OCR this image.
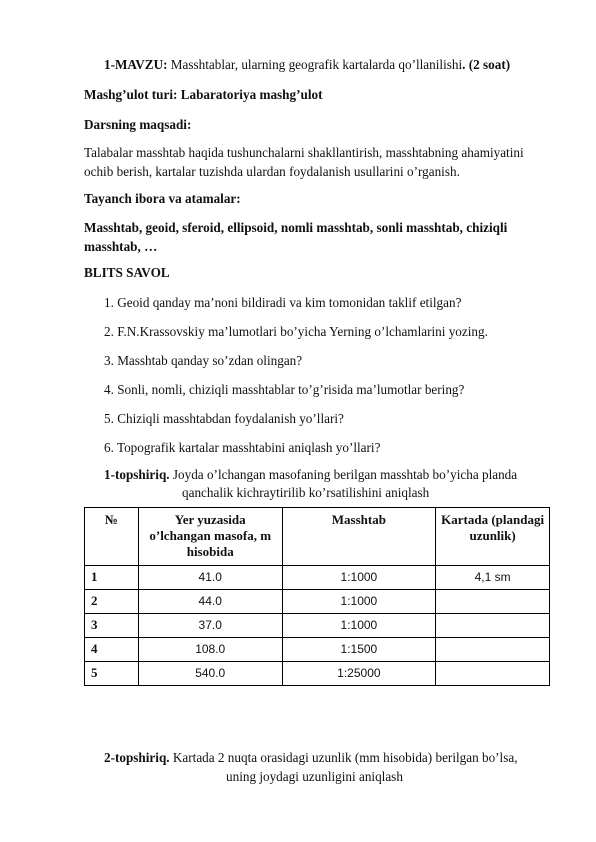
1-MAVZU: Masshtablar, ularning geografik kartalarda qo’llanilishi. (2 soat)
Mashg’ulot turi: Labaratoriya mashg’ulot
Darsning maqsadi:
Talabalar masshtab haqida tushunchalarni shakllantirish, masshtabning ahamiyatini
ochib berish, kartalar tuzishda ulardan foydalanish usullarini o’rganish.
Tayanch ibora va atamalar:
Masshtab, geoid, sferoid, ellipsoid, nomli masshtab, sonli masshtab, chiziqli
masshtab, …
BLITS SAVOL
1. Geoid qanday ma’noni bildiradi va kim tomonidan taklif etilgan?
2. F.N.Krassovskiy ma’lumotlari bo’yicha Yerning o’lchamlarini yozing.
3. Masshtab qanday so’zdan olingan?
4. Sonli, nomli, chiziqli masshtablar to’g’risida ma’lumotlar bering?
5. Chiziqli masshtabdan foydalanish yo’llari?
6. Topografik kartalar masshtabini aniqlash yo’llari?
1-topshiriq. Joyda o’lchangan masofaning berilgan masshtab bo’yicha planda
qanchalik kichraytirilib ko’rsatilishini aniqlash
№	Yer yuzasida o’lchangan masofa, m hisobida	Masshtab	Kartada (plandagi uzunlik)
1	41.0	1:1000	4,1 sm
2	44.0	1:1000	
3	37.0	1:1000	
4	108.0	1:1500	
5	540.0	1:25000	
2-topshiriq. Kartada 2 nuqta orasidagi uzunlik (mm hisobida) berilgan bo’lsa,
uning joydagi uzunligini aniqlash
